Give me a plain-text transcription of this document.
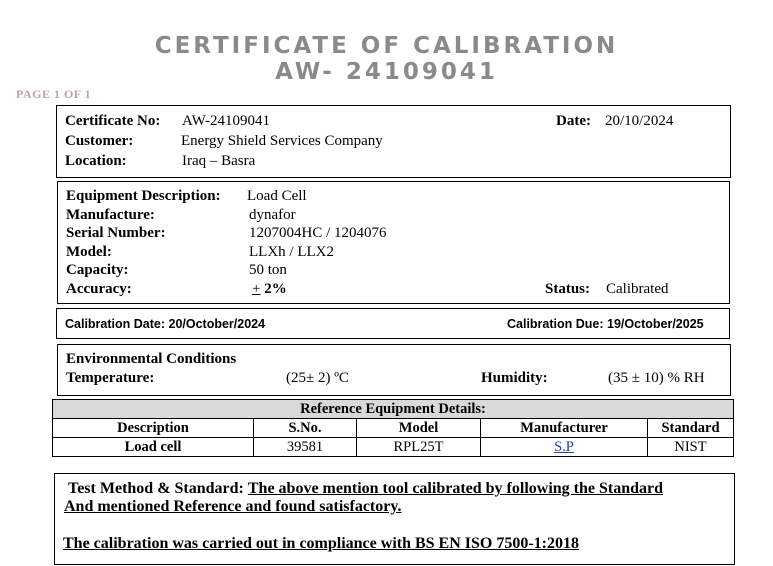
CERTIFICATE OF CALIBRATION
AW- 24109041
PAGE 1 OF 1
Certificate No: AW-24109041	Date: 20/10/2024
Customer:	Energy Shield Services Company
Location:	Iraq – Basra
Equipment Description: Load Cell
Manufacture:	dynafor
Serial Number:	1207004HC / 1204076
Model:	LLXh / LLX2
Capacity:	50 ton
Accuracy:	+ 2%	Status: Calibrated
Calibration Date: 20/October/2024	Calibration Due: 19/October/2025
Environmental Conditions
Temperature:	(25± 2) ºC	Humidity:	(35 ± 10) % RH
Reference Equipment Details:				
Description	S.No.	Model	Manufacturer	Standard
Load cell	39581	RPL25T	S.P	NIST
Test Method & Standard: The above mention tool calibrated by following the Standard
And mentioned Reference and found satisfactory.
The calibration was carried out in compliance with BS EN ISO 7500-1:2018
